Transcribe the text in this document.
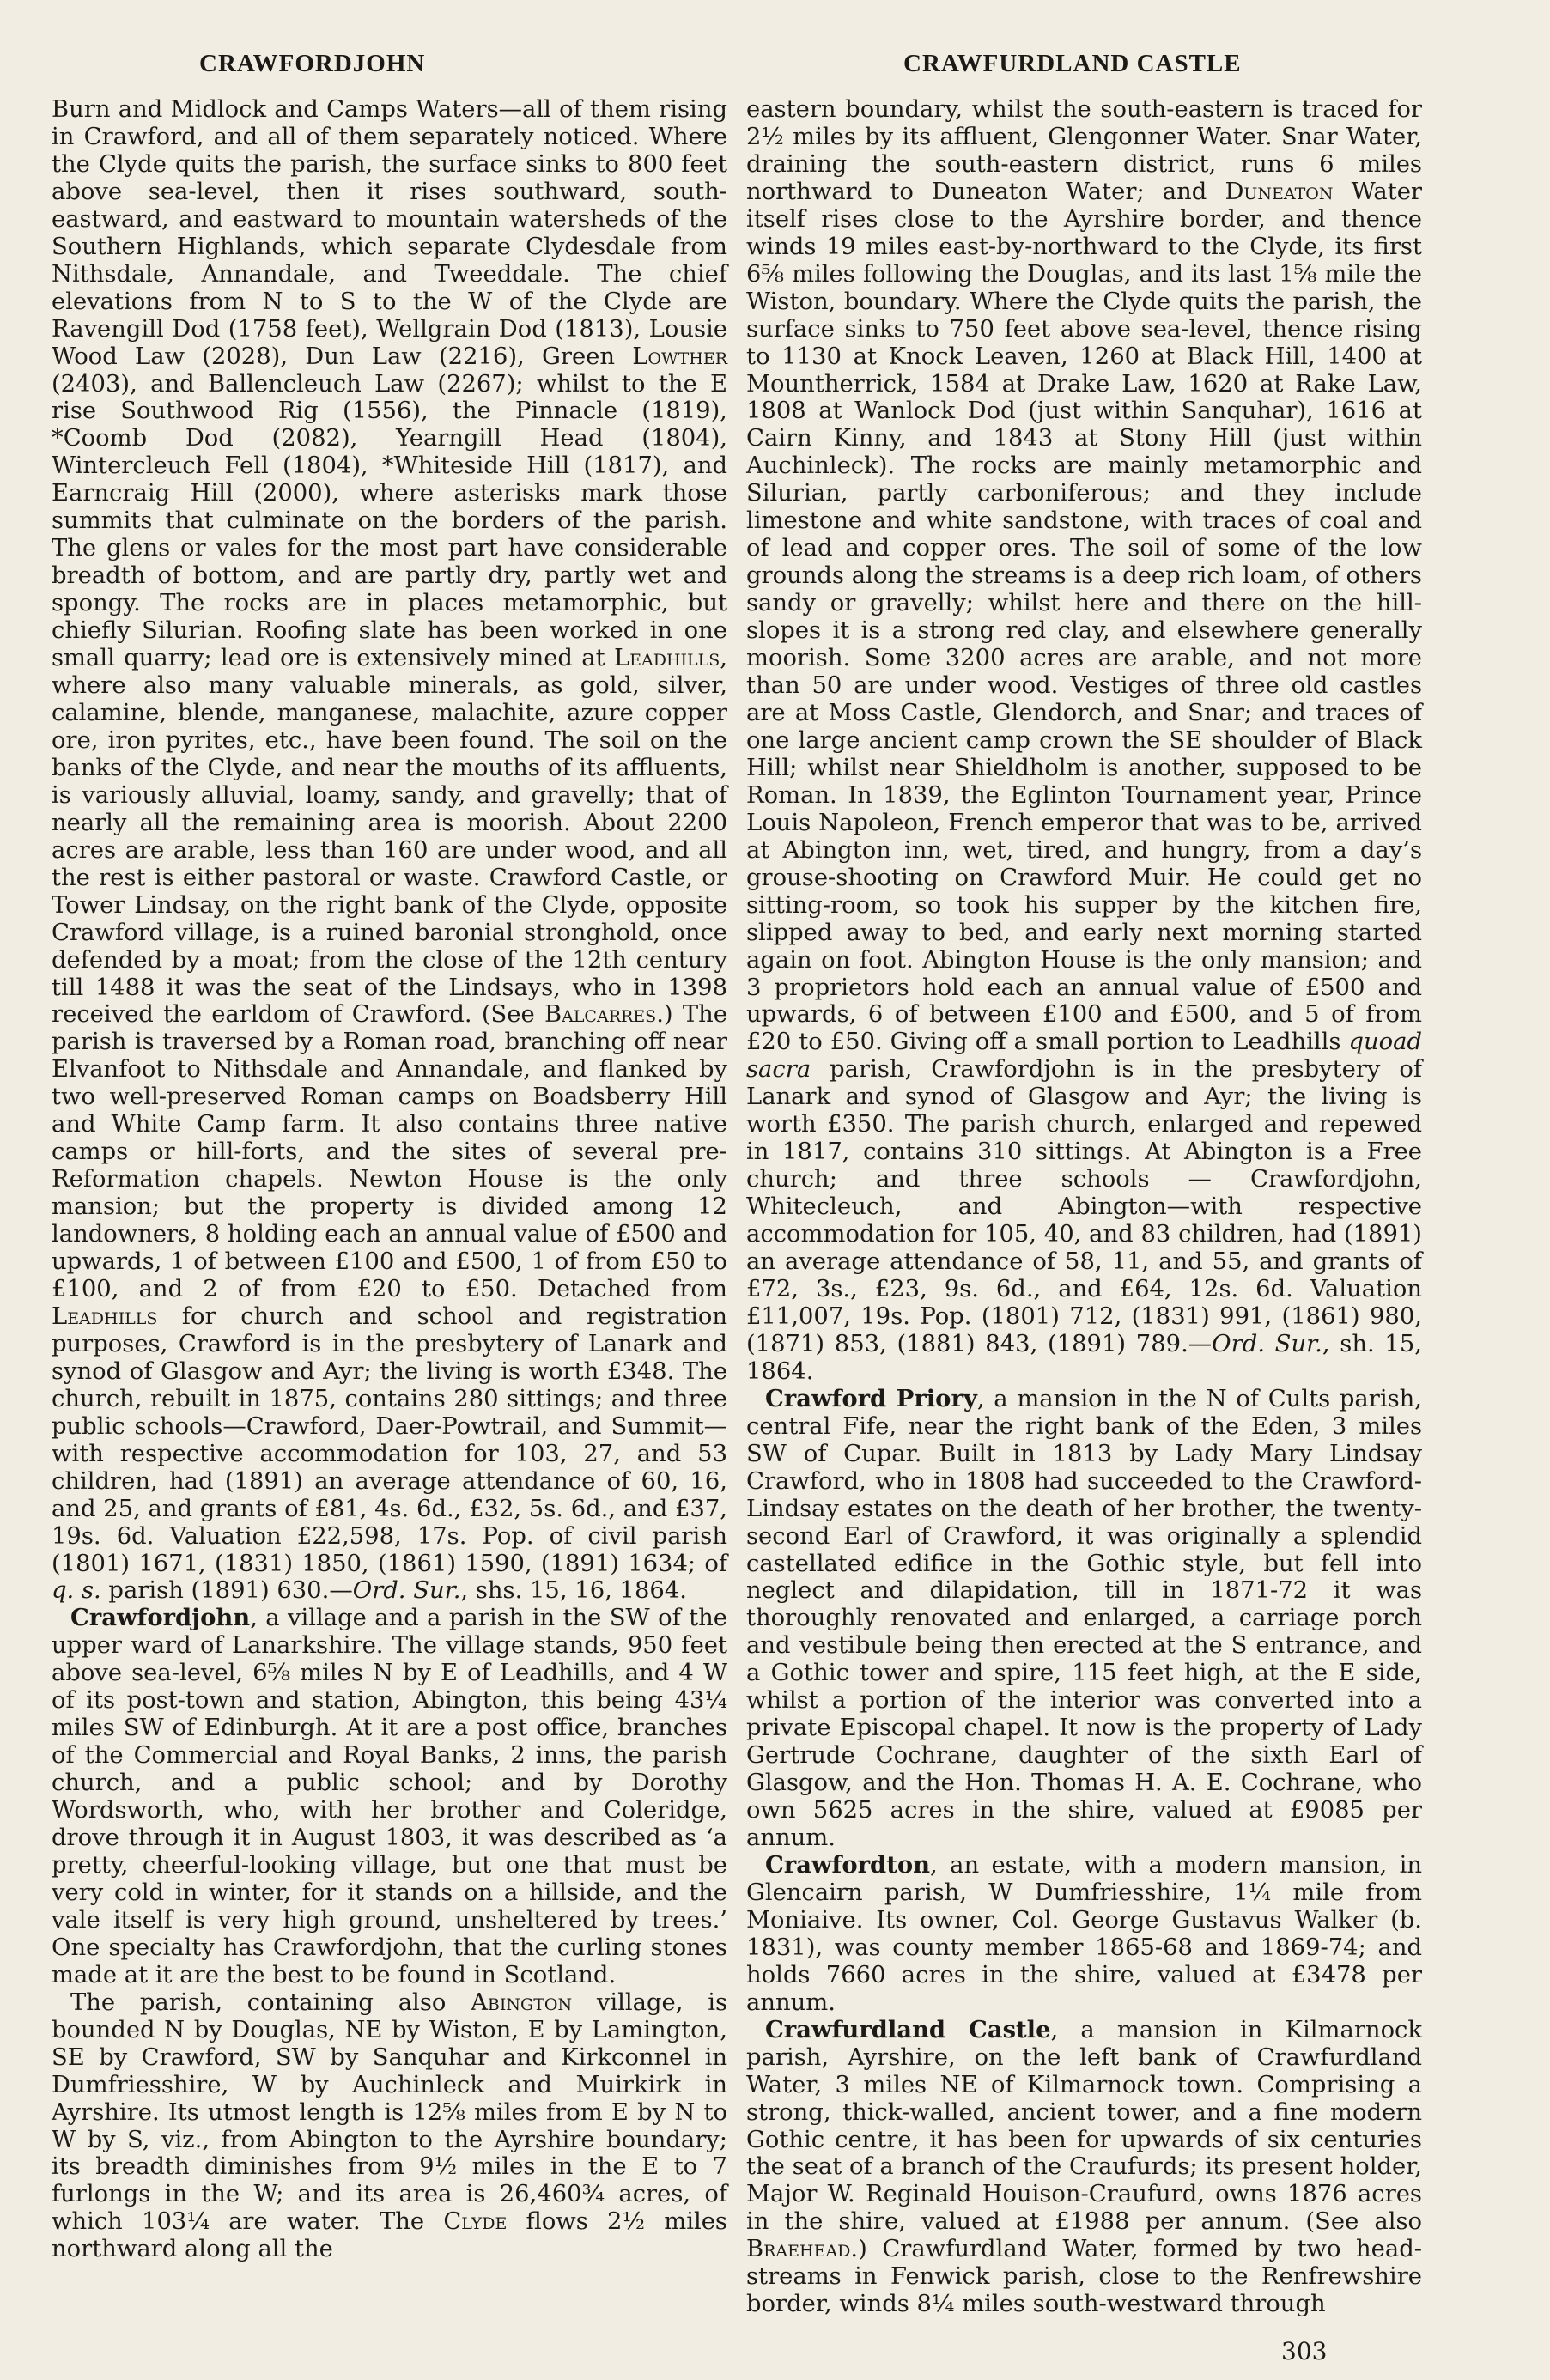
CRAWFORDJOHN	CRAWFURDLAND CASTLE

Burn and Midlock and Camps Waters—all of them rising in Crawford, and all of them separately noticed. Where the Clyde quits the parish, the surface sinks to 800 feet above sea-level, then it rises southward, south-eastward, and eastward to mountain watersheds of the Southern Highlands, which separate Clydesdale from Nithsdale, Annandale, and Tweeddale. The chief elevations from N to S to the W of the Clyde are Ravengill Dod (1758 feet), Wellgrain Dod (1813), Lousie Wood Law (2028), Dun Law (2216), Green Lowther (2403), and Ballencleuch Law (2267); whilst to the E rise Southwood Rig (1556), the Pinnacle (1819), *Coomb Dod (2082), Yearngill Head (1804), Wintercleuch Fell (1804), *Whiteside Hill (1817), and Earncraig Hill (2000), where asterisks mark those summits that culminate on the borders of the parish. The glens or vales for the most part have considerable breadth of bottom, and are partly dry, partly wet and spongy. The rocks are in places metamorphic, but chiefly Silurian. Roofing slate has been worked in one small quarry; lead ore is extensively mined at Leadhills, where also many valuable minerals, as gold, silver, calamine, blende, manganese, malachite, azure copper ore, iron pyrites, etc., have been found. The soil on the banks of the Clyde, and near the mouths of its affluents, is variously alluvial, loamy, sandy, and gravelly; that of nearly all the remaining area is moorish. About 2200 acres are arable, less than 160 are under wood, and all the rest is either pastoral or waste. Crawford Castle, or Tower Lindsay, on the right bank of the Clyde, opposite Crawford village, is a ruined baronial stronghold, once defended by a moat; from the close of the 12th century till 1488 it was the seat of the Lindsays, who in 1398 received the earldom of Crawford. (See Balcarres.) The parish is traversed by a Roman road, branching off near Elvanfoot to Nithsdale and Annandale, and flanked by two well-preserved Roman camps on Boadsberry Hill and White Camp farm. It also contains three native camps or hill-forts, and the sites of several pre-Reformation chapels. Newton House is the only mansion; but the property is divided among 12 landowners, 8 holding each an annual value of £500 and upwards, 1 of between £100 and £500, 1 of from £50 to £100, and 2 of from £20 to £50. Detached from Leadhills for church and school and registration purposes, Crawford is in the presbytery of Lanark and synod of Glasgow and Ayr; the living is worth £348. The church, rebuilt in 1875, contains 280 sittings; and three public schools—Crawford, Daer-Powtrail, and Summit—with respective accommodation for 103, 27, and 53 children, had (1891) an average attendance of 60, 16, and 25, and grants of £81, 4s. 6d., £32, 5s. 6d., and £37, 19s. 6d. Valuation £22,598, 17s. Pop. of civil parish (1801) 1671, (1831) 1850, (1861) 1590, (1891) 1634; of q. s. parish (1891) 630.—Ord. Sur., shs. 15, 16, 1864.

Crawfordjohn, a village and a parish in the SW of the upper ward of Lanarkshire. The village stands, 950 feet above sea-level, 6⅝ miles N by E of Leadhills, and 4 W of its post-town and station, Abington, this being 43¼ miles SW of Edinburgh. At it are a post office, branches of the Commercial and Royal Banks, 2 inns, the parish church, and a public school; and by Dorothy Wordsworth, who, with her brother and Coleridge, drove through it in August 1803, it was described as ‘a pretty, cheerful-looking village, but one that must be very cold in winter, for it stands on a hillside, and the vale itself is very high ground, unsheltered by trees.’ One specialty has Crawfordjohn, that the curling stones made at it are the best to be found in Scotland.

The parish, containing also Abington village, is bounded N by Douglas, NE by Wiston, E by Lamington, SE by Crawford, SW by Sanquhar and Kirkconnel in Dumfriesshire, W by Auchinleck and Muirkirk in Ayrshire. Its utmost length is 12⅝ miles from E by N to W by S, viz., from Abington to the Ayrshire boundary; its breadth diminishes from 9½ miles in the E to 7 furlongs in the W; and its area is 26,460¾ acres, of which 103¼ are water. The Clyde flows 2½ miles northward along all the

eastern boundary, whilst the south-eastern is traced for 2½ miles by its affluent, Glengonner Water. Snar Water, draining the south-eastern district, runs 6 miles northward to Duneaton Water; and Duneaton Water itself rises close to the Ayrshire border, and thence winds 19 miles east-by-northward to the Clyde, its first 6⅝ miles following the Douglas, and its last 1⅝ mile the Wiston, boundary. Where the Clyde quits the parish, the surface sinks to 750 feet above sea-level, thence rising to 1130 at Knock Leaven, 1260 at Black Hill, 1400 at Mountherrick, 1584 at Drake Law, 1620 at Rake Law, 1808 at Wanlock Dod (just within Sanquhar), 1616 at Cairn Kinny, and 1843 at Stony Hill (just within Auchinleck). The rocks are mainly metamorphic and Silurian, partly carboniferous; and they include limestone and white sandstone, with traces of coal and of lead and copper ores. The soil of some of the low grounds along the streams is a deep rich loam, of others sandy or gravelly; whilst here and there on the hill-slopes it is a strong red clay, and elsewhere generally moorish. Some 3200 acres are arable, and not more than 50 are under wood. Vestiges of three old castles are at Moss Castle, Glendorch, and Snar; and traces of one large ancient camp crown the SE shoulder of Black Hill; whilst near Shieldholm is another, supposed to be Roman. In 1839, the Eglinton Tournament year, Prince Louis Napoleon, French emperor that was to be, arrived at Abington inn, wet, tired, and hungry, from a day’s grouse-shooting on Crawford Muir. He could get no sitting-room, so took his supper by the kitchen fire, slipped away to bed, and early next morning started again on foot. Abington House is the only mansion; and 3 proprietors hold each an annual value of £500 and upwards, 6 of between £100 and £500, and 5 of from £20 to £50. Giving off a small portion to Leadhills quoad sacra parish, Crawfordjohn is in the presbytery of Lanark and synod of Glasgow and Ayr; the living is worth £350. The parish church, enlarged and repewed in 1817, contains 310 sittings. At Abington is a Free church; and three schools — Crawfordjohn, Whitecleuch, and Abington—with respective accommodation for 105, 40, and 83 children, had (1891) an average attendance of 58, 11, and 55, and grants of £72, 3s., £23, 9s. 6d., and £64, 12s. 6d. Valuation £11,007, 19s. Pop. (1801) 712, (1831) 991, (1861) 980, (1871) 853, (1881) 843, (1891) 789.—Ord. Sur., sh. 15, 1864.

Crawford Priory, a mansion in the N of Cults parish, central Fife, near the right bank of the Eden, 3 miles SW of Cupar. Built in 1813 by Lady Mary Lindsay Crawford, who in 1808 had succeeded to the Crawford-Lindsay estates on the death of her brother, the twenty-second Earl of Crawford, it was originally a splendid castellated edifice in the Gothic style, but fell into neglect and dilapidation, till in 1871-72 it was thoroughly renovated and enlarged, a carriage porch and vestibule being then erected at the S entrance, and a Gothic tower and spire, 115 feet high, at the E side, whilst a portion of the interior was converted into a private Episcopal chapel. It now is the property of Lady Gertrude Cochrane, daughter of the sixth Earl of Glasgow, and the Hon. Thomas H. A. E. Cochrane, who own 5625 acres in the shire, valued at £9085 per annum.

Crawfordton, an estate, with a modern mansion, in Glencairn parish, W Dumfriesshire, 1¼ mile from Moniaive. Its owner, Col. George Gustavus Walker (b. 1831), was county member 1865-68 and 1869-74; and holds 7660 acres in the shire, valued at £3478 per annum.

Crawfurdland Castle, a mansion in Kilmarnock parish, Ayrshire, on the left bank of Crawfurdland Water, 3 miles NE of Kilmarnock town. Comprising a strong, thick-walled, ancient tower, and a fine modern Gothic centre, it has been for upwards of six centuries the seat of a branch of the Craufurds; its present holder, Major W. Reginald Houison-Craufurd, owns 1876 acres in the shire, valued at £1988 per annum. (See also Braehead.) Crawfurdland Water, formed by two head-streams in Fenwick parish, close to the Renfrewshire border, winds 8¼ miles south-westward through

303
